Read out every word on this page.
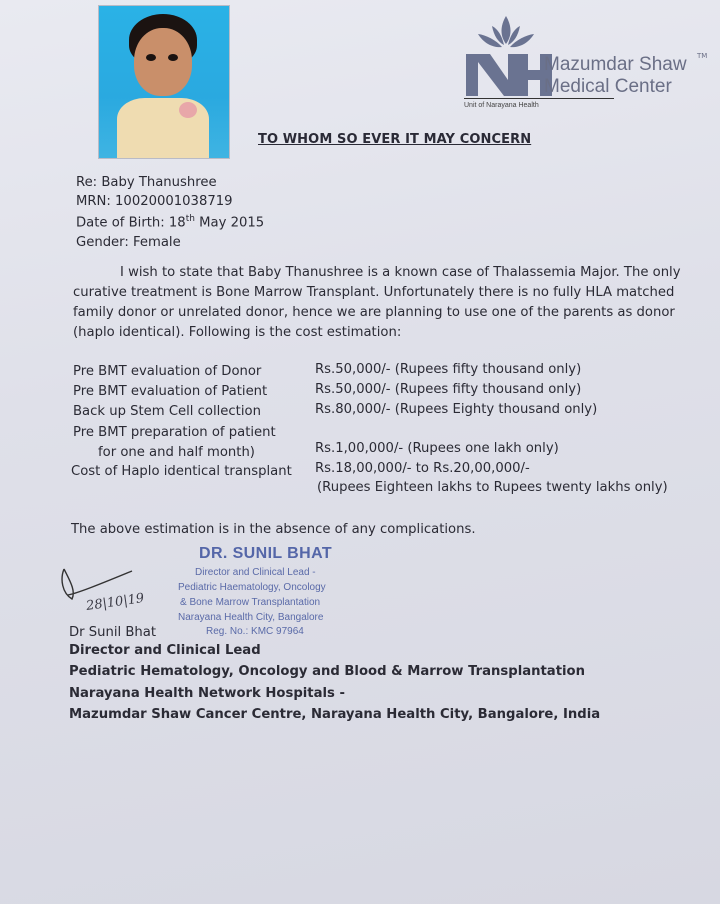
Mazumdar Shaw Medical Center
TM
Unit of Narayana Health
TO WHOM SO EVER IT MAY CONCERN
Re: Baby Thanushree
MRN: 10020001038719
Date of Birth: 18th May 2015
Gender: Female
I wish to state that Baby Thanushree is a known case of Thalassemia Major. The only
curative treatment is Bone Marrow Transplant. Unfortunately there is no fully HLA matched
family donor or unrelated donor, hence we are planning to use one of the parents as donor
(haplo identical). Following is the cost estimation:
Pre BMT evaluation of Donor	Rs.50,000/- (Rupees fifty thousand only)
Pre BMT evaluation of Patient	Rs.50,000/- (Rupees fifty thousand only)
Back up Stem Cell collection	Rs.80,000/- (Rupees Eighty thousand only)
Pre BMT preparation of patient
for one and half month)	Rs.1,00,000/- (Rupees one lakh only)
Cost of Haplo identical transplant Rs.18,00,000/- to Rs.20,00,000/-
(Rupees Eighteen lakhs to Rupees twenty lakhs only)
The above estimation is in the absence of any complications.
DR. SUNIL BHAT
Director and Clinical Lead -
Pediatric Haematology, Oncology
& Bone Marrow Transplantation
Narayana Health City, Bangalore
Reg. No.: KMC 97964
28|10|19
Dr Sunil Bhat
Director and Clinical Lead
Pediatric Hematology, Oncology and Blood & Marrow Transplantation
Narayana Health Network Hospitals -
Mazumdar Shaw Cancer Centre, Narayana Health City, Bangalore, India
